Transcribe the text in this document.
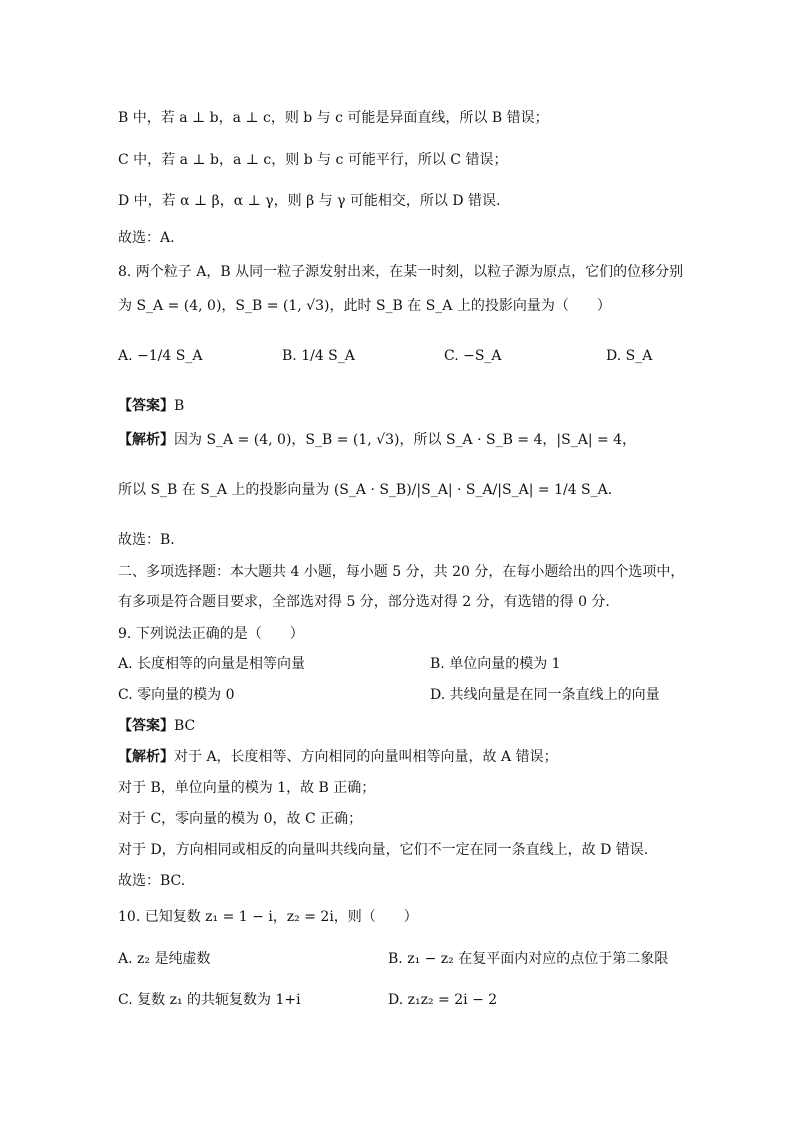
B 中，若 a ⊥ b，a ⊥ c，则 b 与 c 可能是异面直线，所以 B 错误；
C 中，若 a ⊥ b，a ⊥ c，则 b 与 c 可能平行，所以 C 错误；
D 中，若 α ⊥ β，α ⊥ γ，则 β 与 γ 可能相交，所以 D 错误.
故选：A.
8. 两个粒子 A，B 从同一粒子源发射出来，在某一时刻，以粒子源为原点，它们的位移分别
为 S_A = (4, 0)，S_B = (1, √3)，此时 S_B 在 S_A 上的投影向量为（　　）
A. −1/4 S_A	B. 1/4 S_A	C. −S_A	D. S_A
【答案】B
【解析】因为 S_A = (4, 0)，S_B = (1, √3)，所以 S_A · S_B = 4，|S_A| = 4，
所以 S_B 在 S_A 上的投影向量为 (S_A · S_B)/|S_A| · S_A/|S_A| = 1/4 S_A.
故选：B.
二、多项选择题：本大题共 4 小题，每小题 5 分，共 20 分，在每小题给出的四个选项中，
有多项是符合题目要求，全部选对得 5 分，部分选对得 2 分，有选错的得 0 分.
9. 下列说法正确的是（　　）
A. 长度相等的向量是相等向量	B. 单位向量的模为 1
C. 零向量的模为 0	D. 共线向量是在同一条直线上的向量
【答案】BC
【解析】对于 A，长度相等、方向相同的向量叫相等向量，故 A 错误；
对于 B，单位向量的模为 1，故 B 正确；
对于 C，零向量的模为 0，故 C 正确；
对于 D，方向相同或相反的向量叫共线向量，它们不一定在同一条直线上，故 D 错误.
故选：BC.
10. 已知复数 z₁ = 1 − i，z₂ = 2i，则（　　）
A. z₂ 是纯虚数	B. z₁ − z₂ 在复平面内对应的点位于第二象限
C. 复数 z₁ 的共轭复数为 1+i	D. z₁z₂ = 2i − 2
